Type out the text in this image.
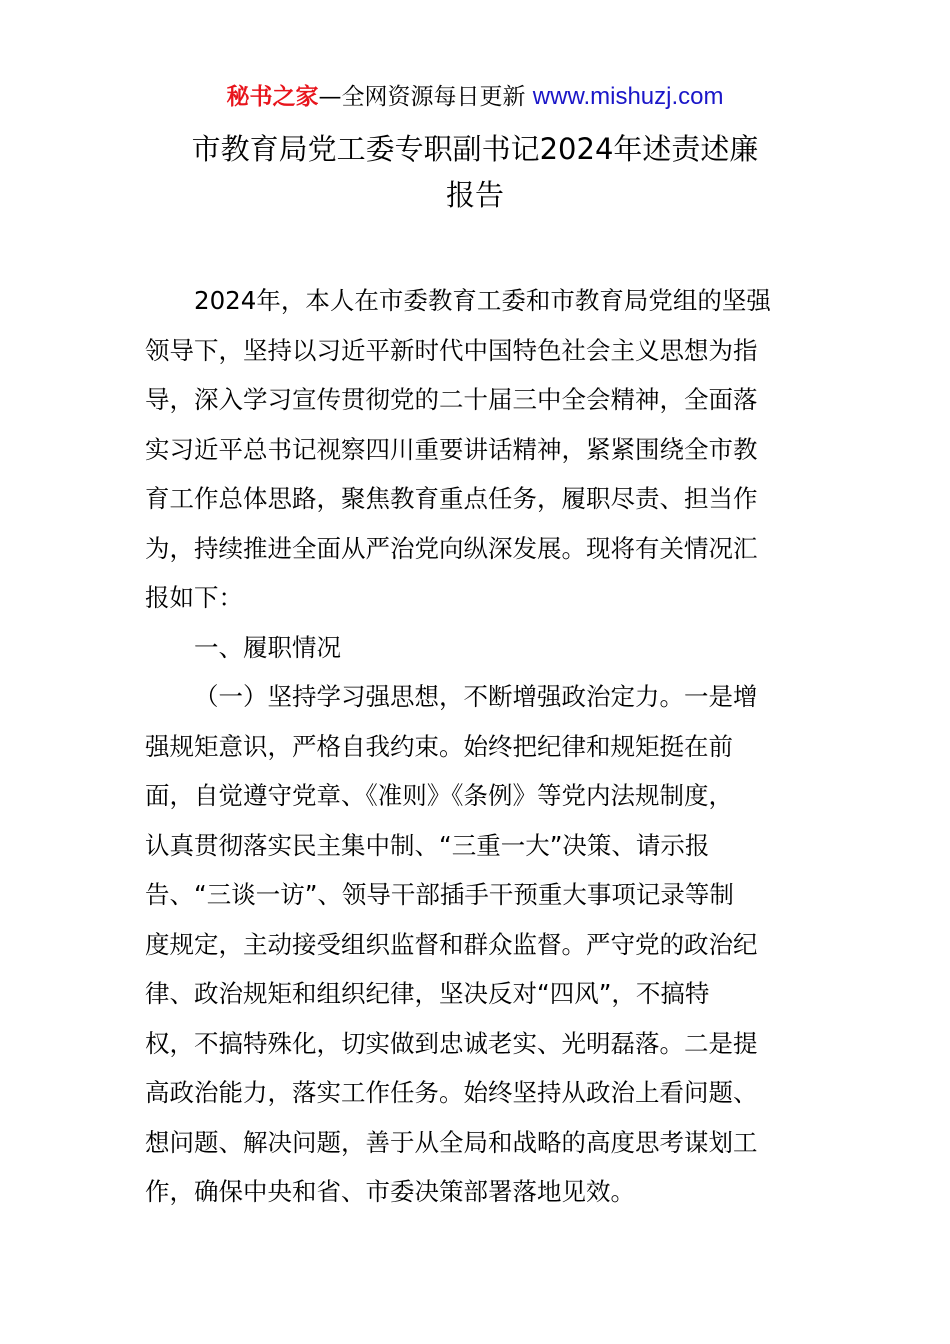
秘书之家—全网资源每日更新 www.mishuzj.com
市教育局党工委专职副书记2024年述责述廉
报告
2024年，本人在市委教育工委和市教育局党组的坚强
领导下，坚持以习近平新时代中国特色社会主义思想为指
导，深入学习宣传贯彻党的二十届三中全会精神，全面落
实习近平总书记视察四川重要讲话精神，紧紧围绕全市教
育工作总体思路，聚焦教育重点任务，履职尽责、担当作
为，持续推进全面从严治党向纵深发展。现将有关情况汇
报如下：
一、履职情况
（一）坚持学习强思想，不断增强政治定力。一是增
强规矩意识，严格自我约束。始终把纪律和规矩挺在前
面，自觉遵守党章、《准则》《条例》等党内法规制度，
认真贯彻落实民主集中制、“三重一大”决策、请示报
告、“三谈一访”、领导干部插手干预重大事项记录等制
度规定，主动接受组织监督和群众监督。严守党的政治纪
律、政治规矩和组织纪律，坚决反对“四风”，不搞特
权，不搞特殊化，切实做到忠诚老实、光明磊落。二是提
高政治能力，落实工作任务。始终坚持从政治上看问题、
想问题、解决问题，善于从全局和战略的高度思考谋划工
作，确保中央和省、市委决策部署落地见效。
